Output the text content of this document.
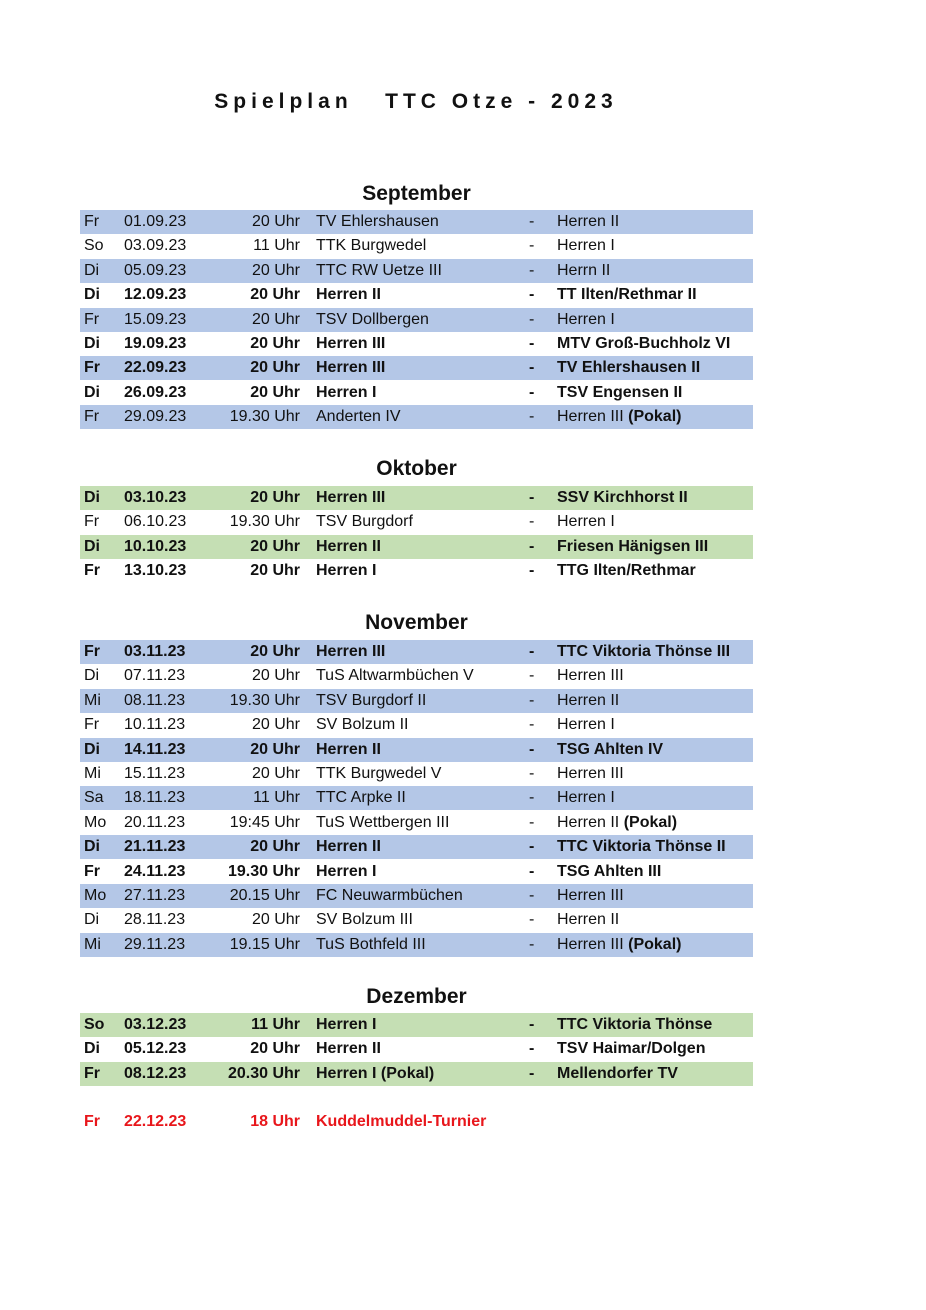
Spielplan   TTC Otze - 2023
September
Fr 01.09.23	20 Uhr TV Ehlershausen	- Herren II
So 03.09.23	11 Uhr TTK Burgwedel	- Herren I
Di 05.09.23	20 Uhr TTC RW Uetze III	- Herrn II
Di 12.09.23	20 Uhr Herren II	- TT Ilten/Rethmar II
Fr 15.09.23	20 Uhr TSV Dollbergen	- Herren I
Di 19.09.23	20 Uhr Herren III	- MTV Groß-Buchholz VI
Fr 22.09.23	20 Uhr Herren III	- TV Ehlershausen II
Di 26.09.23	20 Uhr Herren I	- TSV Engensen II
Fr 29.09.23	19.30 Uhr Anderten IV	- Herren III (Pokal)
Oktober
Di 03.10.23	20 Uhr Herren III	- SSV Kirchhorst II
Fr 06.10.23	19.30 Uhr TSV Burgdorf	- Herren I
Di 10.10.23	20 Uhr Herren II	- Friesen Hänigsen III
Fr 13.10.23	20 Uhr Herren I	- TTG Ilten/Rethmar
November
Fr 03.11.23	20 Uhr Herren III	- TTC Viktoria Thönse III
Di 07.11.23	20 Uhr TuS Altwarmbüchen V	- Herren III
Mi 08.11.23	19.30 Uhr TSV Burgdorf II	- Herren II
Fr 10.11.23	20 Uhr SV Bolzum II	- Herren I
Di 14.11.23	20 Uhr Herren II	- TSG Ahlten IV
Mi 15.11.23	20 Uhr TTK Burgwedel V	- Herren III
Sa 18.11.23	11 Uhr TTC Arpke II	- Herren I
Mo 20.11.23	19:45 Uhr TuS Wettbergen III	- Herren II (Pokal)
Di 21.11.23	20 Uhr Herren II	- TTC Viktoria Thönse II
Fr 24.11.23	19.30 Uhr Herren I	- TSG Ahlten III
Mo 27.11.23	20.15 Uhr FC Neuwarmbüchen	- Herren III
Di 28.11.23	20 Uhr SV Bolzum III	- Herren II
Mi 29.11.23	19.15 Uhr TuS Bothfeld III	- Herren III (Pokal)
Dezember
So 03.12.23	11 Uhr Herren I	- TTC Viktoria Thönse
Di 05.12.23	20 Uhr Herren II	- TSV Haimar/Dolgen
Fr 08.12.23	20.30 Uhr Herren I (Pokal)	- Mellendorfer TV
Fr 22.12.23	18 Uhr Kuddelmuddel-Turnier
